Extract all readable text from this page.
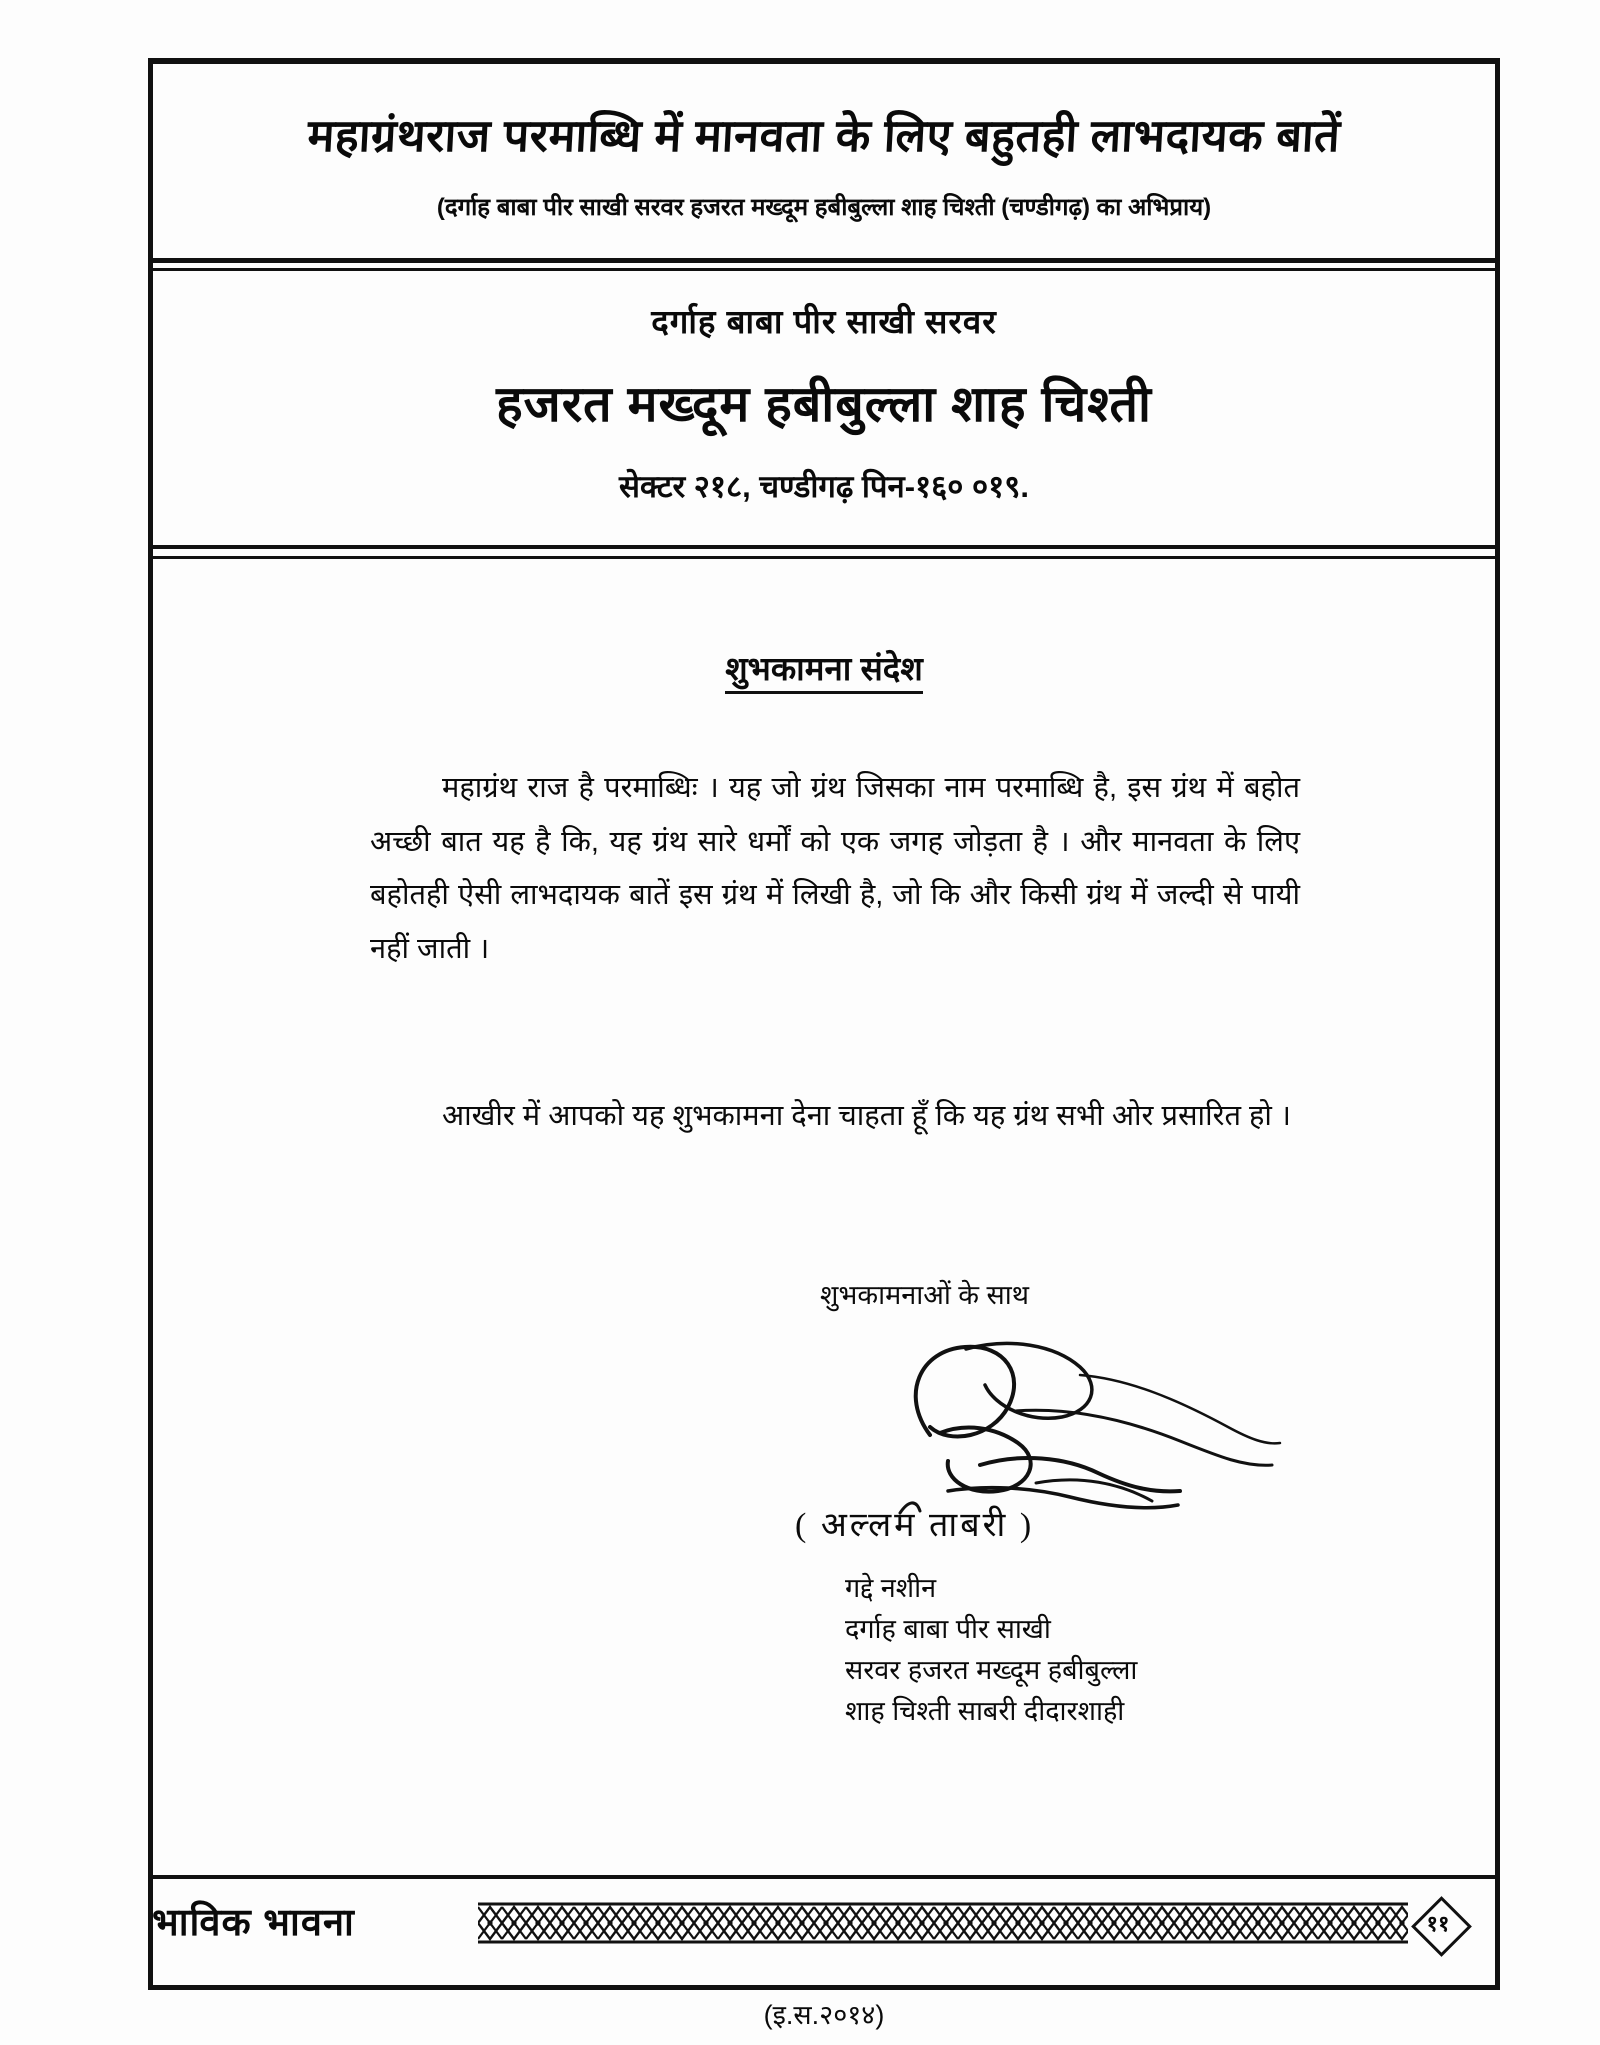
महाग्रंथराज परमाब्धि में मानवता के लिए बहुतही लाभदायक बातें
(दर्गाह बाबा पीर साखी सरवर हजरत मख्दूम हबीबुल्ला शाह चिश्ती (चण्डीगढ़) का अभिप्राय)
दर्गाह बाबा पीर साखी सरवर
हजरत मख्दूम हबीबुल्ला शाह चिश्ती
सेक्टर २१८, चण्डीगढ़ पिन-१६० ०१९.
शुभकामना संदेश
महाग्रंथ राज है परमाब्धिः । यह जो ग्रंथ जिसका नाम परमाब्धि है, इस ग्रंथ में बहोत अच्छी बात यह है कि, यह ग्रंथ सारे धर्मों को एक जगह जोड़ता है । और मानवता के लिए बहोतही ऐसी लाभदायक बातें इस ग्रंथ में लिखी है, जो कि और किसी ग्रंथ में जल्दी से पायी नहीं जाती ।
आखीर में आपको यह शुभकामना देना चाहता हूँ कि यह ग्रंथ सभी ओर प्रसारित हो ।
शुभकामनाओं के साथ
( अल्लम ताबरी )
गद्दे नशीन
दर्गाह बाबा पीर साखी
सरवर हजरत मख्दूम हबीबुल्ला
शाह चिश्ती साबरी दीदारशाही
भाविक भावना	११
(इ.स.२०१४)
